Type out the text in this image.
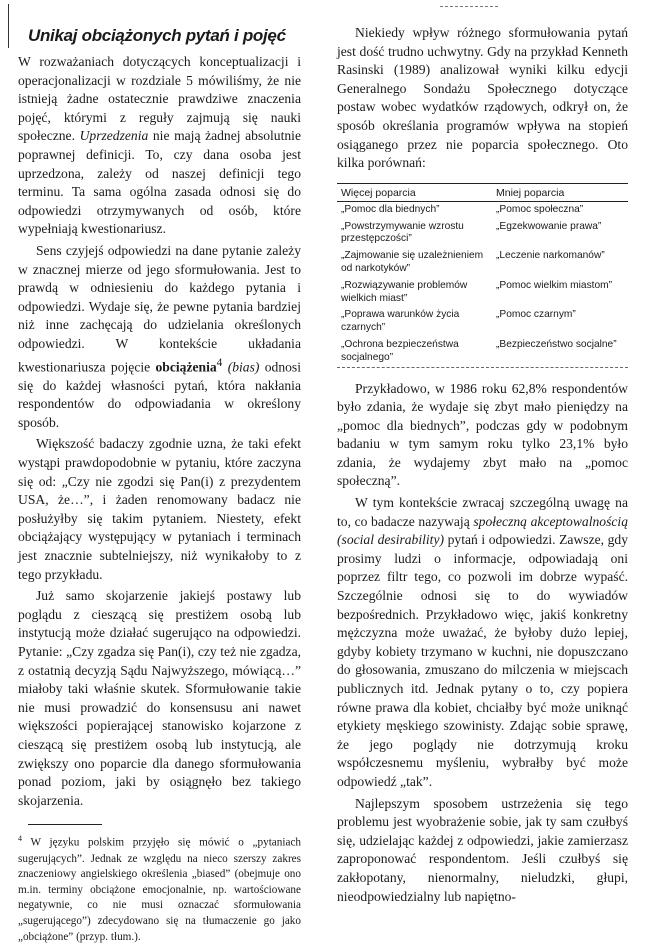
Unikaj obciążonych pytań i pojęć

W rozważaniach dotyczących konceptualizacji i operacjonalizacji w rozdziale 5 mówiliśmy, że nie istnieją żadne ostatecznie prawdziwe znaczenia pojęć, którymi z reguły zajmują się nauki społeczne. Uprzedzenia nie mają żadnej absolutnie poprawnej definicji. To, czy dana osoba jest uprzedzona, zależy od naszej definicji tego terminu. Ta sama ogólna zasada odnosi się do odpowiedzi otrzymywanych od osób, które wypełniają kwestionariusz.

Sens czyjejś odpowiedzi na dane pytanie zależy w znacznej mierze od jego sformułowania. Jest to prawdą w odniesieniu do każdego pytania i odpowiedzi. Wydaje się, że pewne pytania bardziej niż inne zachęcają do udzielania określonych odpowiedzi. W kontekście układania kwestionariusza pojęcie obciążenia$^4$ (bias) odnosi się do każdej własności pytań, która nakłania respondentów do odpowiadania w określony sposób.

Większość badaczy zgodnie uzna, że taki efekt wystąpi prawdopodobnie w pytaniu, które zaczyna się od: „Czy nie zgodzi się Pan(i) z prezydentem USA, że…”, i żaden renomowany badacz nie posłużyłby się takim pytaniem. Niestety, efekt obciążający występujący w pytaniach i terminach jest znacznie subtelniejszy, niż wynikałoby to z tego przykładu.

Już samo skojarzenie jakiejś postawy lub poglądu z cieszącą się prestiżem osobą lub instytucją może działać sugerująco na odpowiedzi. Pytanie: „Czy zgadza się Pan(i), czy też nie zgadza, z ostatnią decyzją Sądu Najwyższego, mówiącą…” miałoby taki właśnie skutek. Sformułowanie takie nie musi prowadzić do konsensusu ani nawet większości popierającej stanowisko kojarzone z cieszącą się prestiżem osobą lub instytucją, ale zwiększy ono poparcie dla danego sformułowania ponad poziom, jaki by osiągnęło bez takiego skojarzenia.

$^4$ W języku polskim przyjęło się mówić o „pytaniach sugerujących”. Jednak ze względu na nieco szerszy zakres znaczeniowy angielskiego określenia „biased” (obejmuje ono m.in. terminy obciążone emocjonalnie, np. wartościowane negatywnie, co nie musi oznaczać sformułowania „sugerującego”) zdecydowano się na tłumaczenie go jako „obciążone” (przyp. tłum.).

Niekiedy wpływ różnego sformułowania pytań jest dość trudno uchwytny. Gdy na przykład Kenneth Rasinski (1989) analizował wyniki kilku edycji Generalnego Sondażu Społecznego dotyczące postaw wobec wydatków rządowych, odkrył on, że sposób określania programów wpływa na stopień osiąganego przez nie poparcia społecznego. Oto kilka porównań:

Więcej poparcia	Mniej poparcia
„Pomoc dla biednych”	„Pomoc społeczna”
„Powstrzymywanie wzrostu przestępczości”
„Egzekwowanie prawa”
„Zajmowanie się uzależnieniem od narkotyków”
„Leczenie narkomanów”
„Rozwiązywanie problemów wielkich miast”
„Pomoc wielkim miastom”
„Poprawa warunków życia czarnych”
„Pomoc czarnym”
„Ochrona bezpieczeństwa socjalnego”
„Bezpieczeństwo socjalne”

Przykładowo, w 1986 roku 62,8% respondentów było zdania, że wydaje się zbyt mało pieniędzy na „pomoc dla biednych”, podczas gdy w podobnym badaniu w tym samym roku tylko 23,1% było zdania, że wydajemy zbyt mało na „pomoc społeczną”.

W tym kontekście zwracaj szczególną uwagę na to, co badacze nazywają społeczną akceptowalnością (social desirability) pytań i odpowiedzi. Zawsze, gdy prosimy ludzi o informacje, odpowiadają oni poprzez filtr tego, co pozwoli im dobrze wypaść. Szczególnie odnosi się to do wywiadów bezpośrednich. Przykładowo więc, jakiś konkretny mężczyzna może uważać, że byłoby dużo lepiej, gdyby kobiety trzymano w kuchni, nie dopuszczano do głosowania, zmuszano do milczenia w miejscach publicznych itd. Jednak pytany o to, czy popiera równe prawa dla kobiet, chciałby być może uniknąć etykiety męskiego szowinisty. Zdając sobie sprawę, że jego poglądy nie dotrzymują kroku współczesnemu myśleniu, wybrałby być może odpowiedź „tak”.

Najlepszym sposobem ustrzeżenia się tego problemu jest wyobrażenie sobie, jak ty sam czułbyś się, udzielając każdej z odpowiedzi, jakie zamierzasz zaproponować respondentom. Jeśli czułbyś się zakłopotany, nienormalny, nieludzki, głupi, nieodpowiedzialny lub napiętno-
